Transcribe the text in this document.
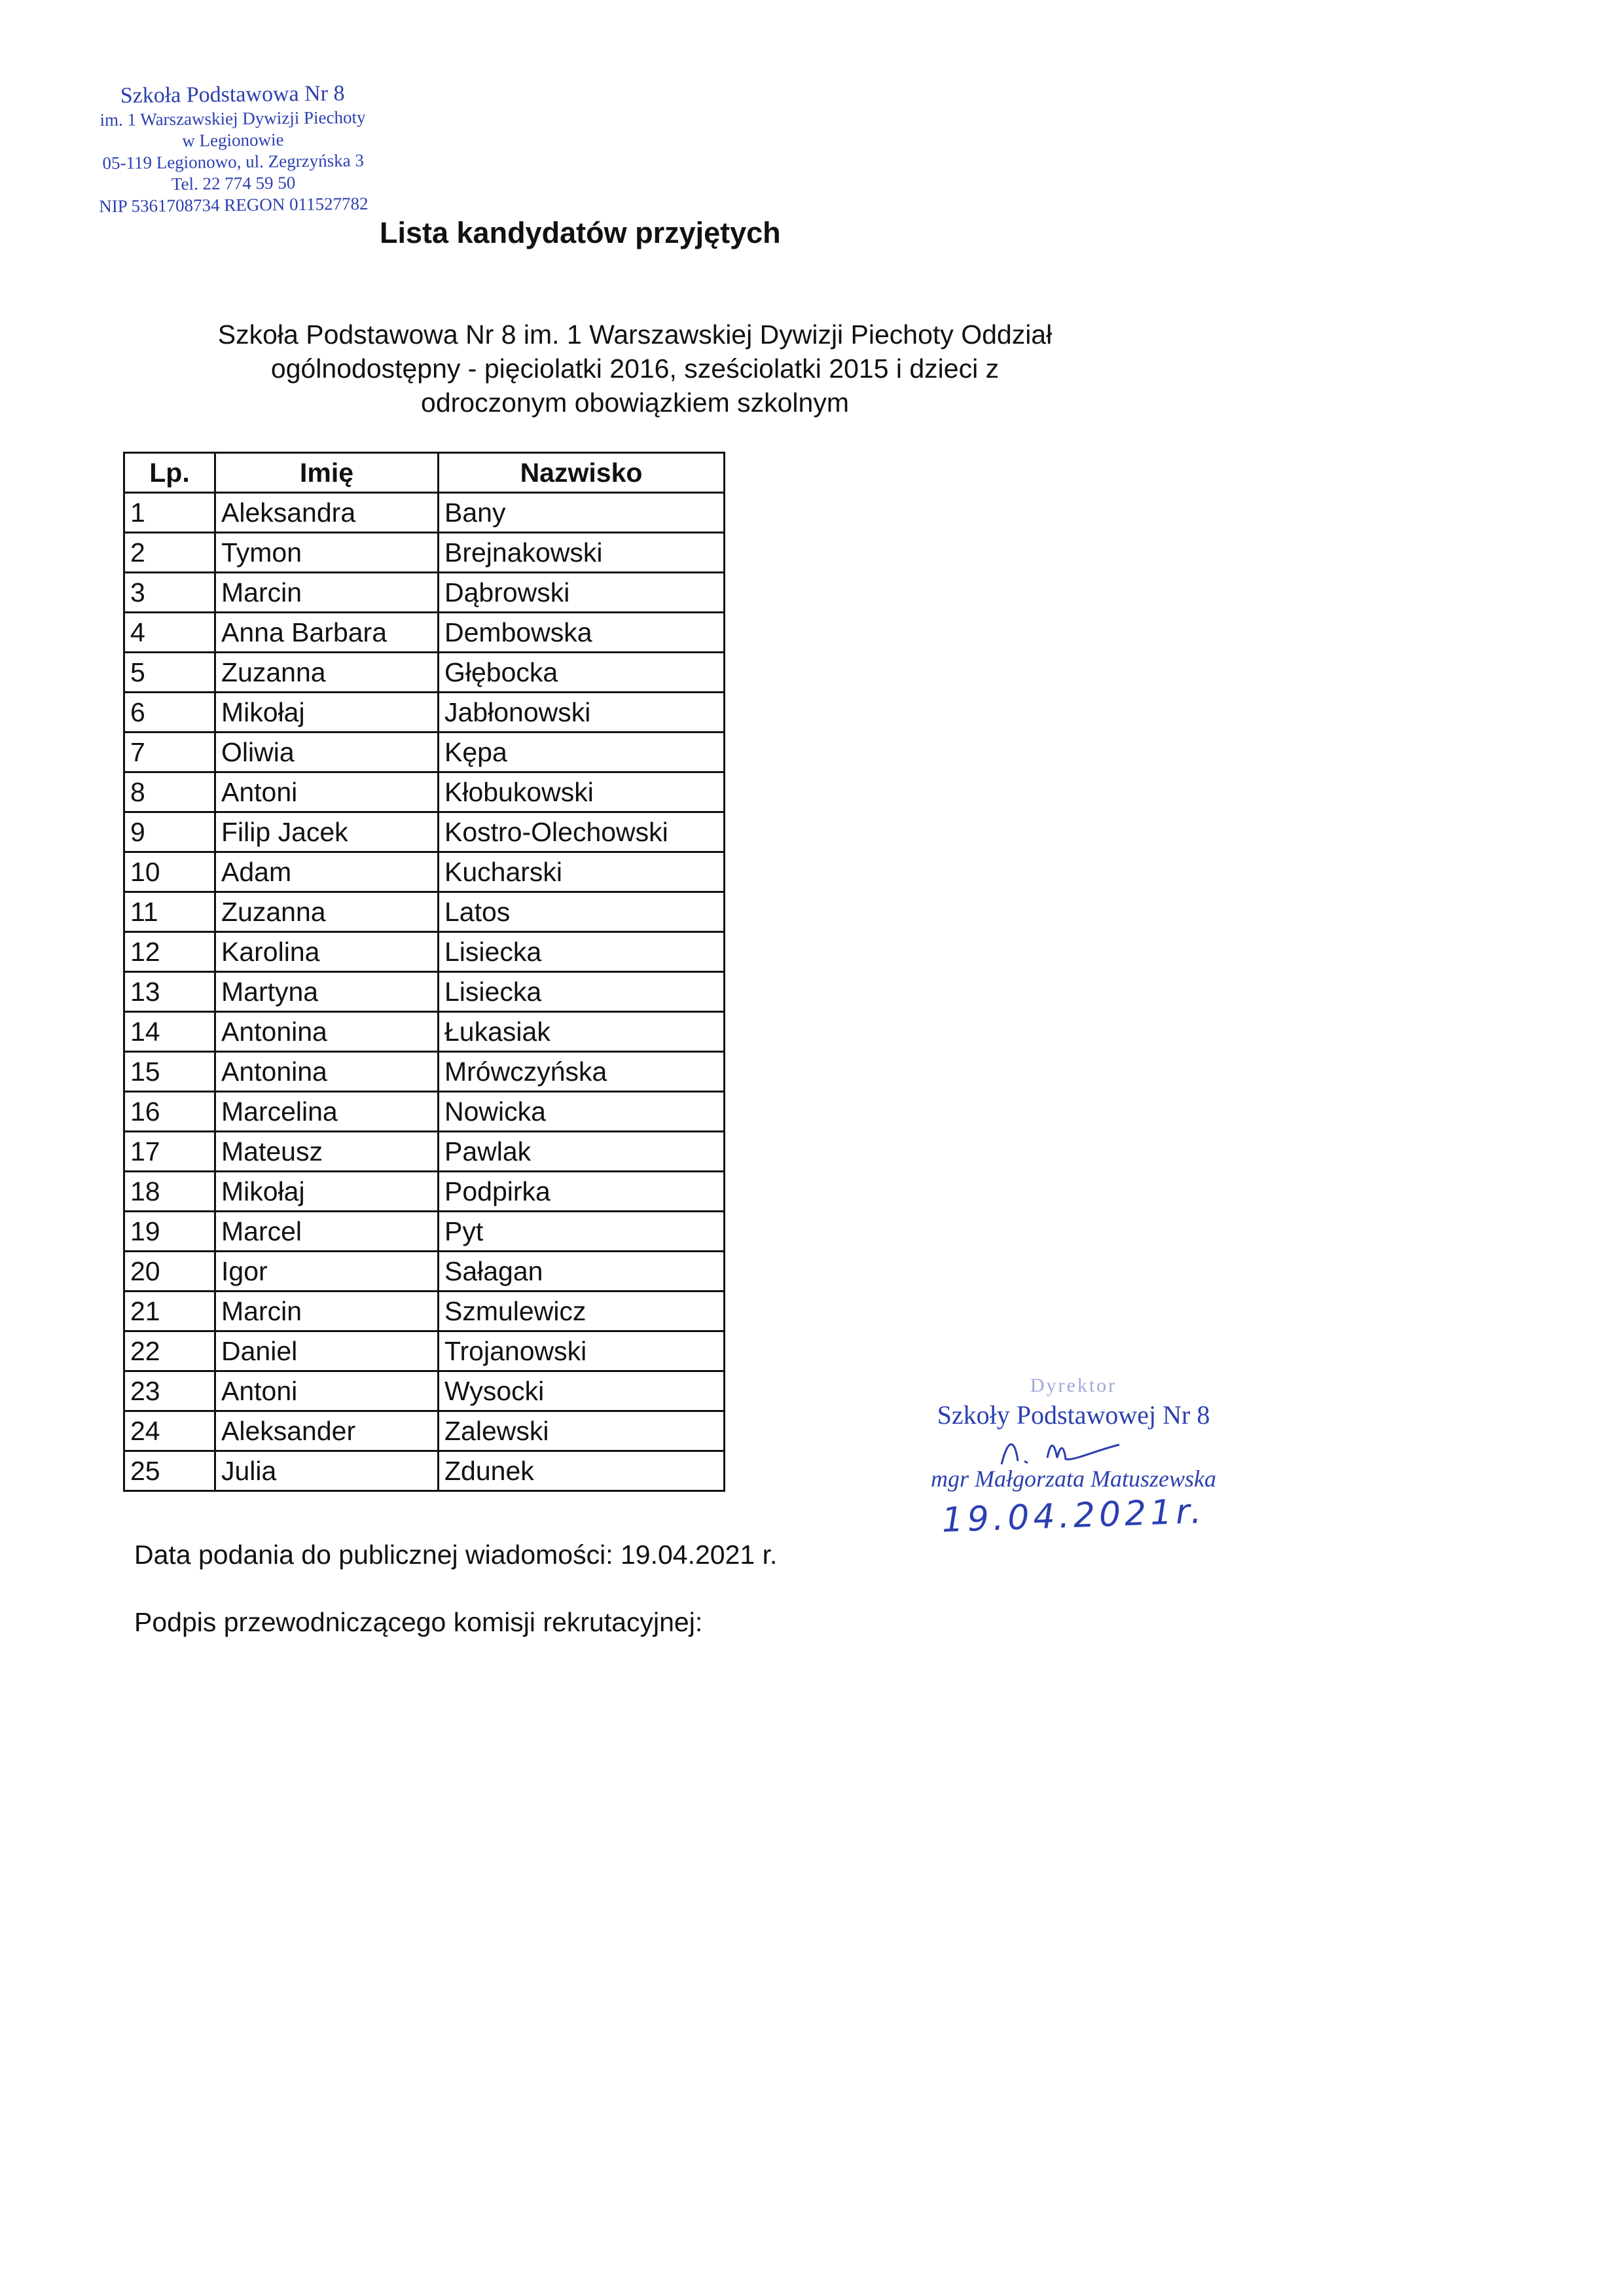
Szkoła Podstawowa Nr 8
im. 1 Warszawskiej Dywizji Piechoty
w Legionowie
05-119 Legionowo, ul. Zegrzyńska 3
Tel. 22 774 59 50
NIP 5361708734 REGON 011527782
Lista kandydatów przyjętych
Szkoła Podstawowa Nr 8 im. 1 Warszawskiej Dywizji Piechoty Oddział
ogólnodostępny - pięciolatki 2016, sześciolatki 2015 i dzieci z
odroczonym obowiązkiem szkolnym
Lp.	Imię	Nazwisko
1	Aleksandra	Bany
2	Tymon	Brejnakowski
3	Marcin	Dąbrowski
4	Anna Barbara	Dembowska
5	Zuzanna	Głębocka
6	Mikołaj	Jabłonowski
7	Oliwia	Kępa
8	Antoni	Kłobukowski
9	Filip Jacek	Kostro-Olechowski
10	Adam	Kucharski
11	Zuzanna	Latos
12	Karolina	Lisiecka
13	Martyna	Lisiecka
14	Antonina	Łukasiak
15	Antonina	Mrówczyńska
16	Marcelina	Nowicka
17	Mateusz	Pawlak
18	Mikołaj	Podpirka
19	Marcel	Pyt
20	Igor	Sałagan
21	Marcin	Szmulewicz
22	Daniel	Trojanowski
23	Antoni	Wysocki
24	Aleksander	Zalewski
25	Julia	Zdunek
Data podania do publicznej wiadomości: 19.04.2021 r.
Podpis przewodniczącego komisji rekrutacyjnej:
Dyrektor
Szkoły Podstawowej Nr 8
mgr Małgorzata Matuszewska
19.04.2021r.
